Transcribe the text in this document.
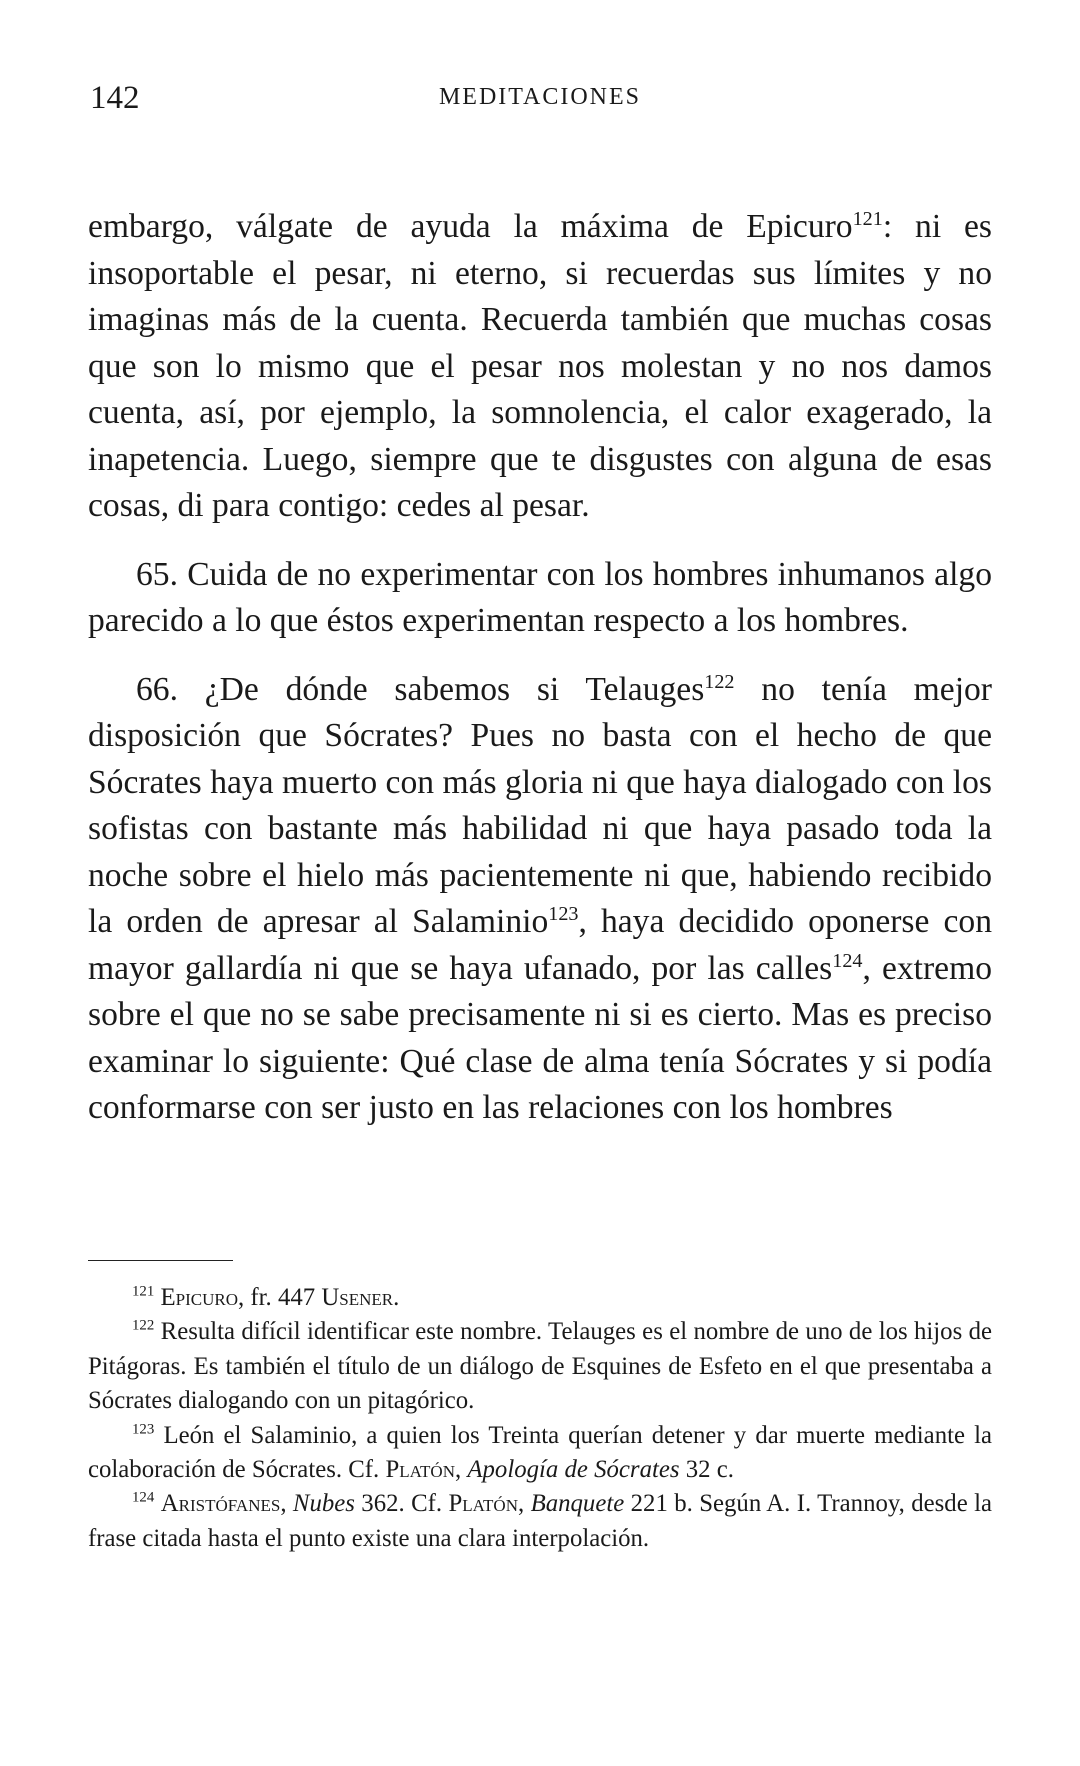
142	MEDITACIONES

embargo, válgate de ayuda la máxima de Epicuro$^{121}$: ni es insoportable el pesar, ni eterno, si recuerdas sus límites y no imaginas más de la cuenta. Recuerda también que muchas cosas que son lo mismo que el pesar nos molestan y no nos damos cuenta, así, por ejemplo, la somnolencia, el calor exagerado, la inapetencia. Luego, siempre que te disgustes con alguna de esas cosas, di para contigo: cedes al pesar.

65. Cuida de no experimentar con los hombres inhumanos algo parecido a lo que éstos experimentan respecto a los hombres.

66. ¿De dónde sabemos si Telauges$^{122}$ no tenía mejor disposición que Sócrates? Pues no basta con el hecho de que Sócrates haya muerto con más gloria ni que haya dialogado con los sofistas con bastante más habilidad ni que haya pasado toda la noche sobre el hielo más pacientemente ni que, habiendo recibido la orden de apresar al Salaminio$^{123}$, haya decidido oponerse con mayor gallardía ni que se haya ufanado, por las calles$^{124}$, extremo sobre el que no se sabe precisamente ni si es cierto. Mas es preciso examinar lo siguiente: Qué clase de alma tenía Sócrates y si podía conformarse con ser justo en las relaciones con los hombres

$^{121}$ Epicuro, fr. 447 Usener.

$^{122}$ Resulta difícil identificar este nombre. Telauges es el nombre de uno de los hijos de Pitágoras. Es también el título de un diálogo de Esquines de Esfeto en el que presentaba a Sócrates dialogando con un pitagórico.

$^{123}$ León el Salaminio, a quien los Treinta querían detener y dar muerte mediante la colaboración de Sócrates. Cf. Platón, Apología de Sócrates 32 c.

$^{124}$ Aristófanes, Nubes 362. Cf. Platón, Banquete 221 b. Según A. I. Trannoy, desde la frase citada hasta el punto existe una clara interpolación.
